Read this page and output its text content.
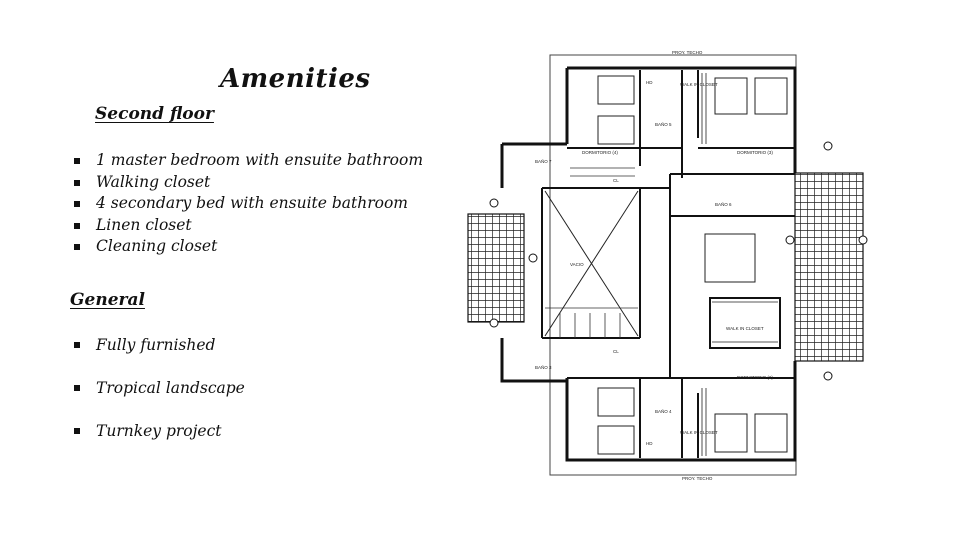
Amenities
Second floor
1 master bedroom with ensuite bathroom
Walking closet
4 secondary bed with ensuite bathroom
Linen closet
Cleaning closet
General
Fully furnished
Tropical landscape
Turnkey project
PROY. TECHO
PROY. TECHO
DORMITORIO (4)	DORMITORIO (3)
DORMITORIO (2)
BAÑO 7
BAÑO 3
BAÑO 5
BAÑO 6
BAÑO 4
WALK IN CLOSET
WALK IN CLOSET
WALK IN CLOSET
VACIO
CL
CL
HD
HD
